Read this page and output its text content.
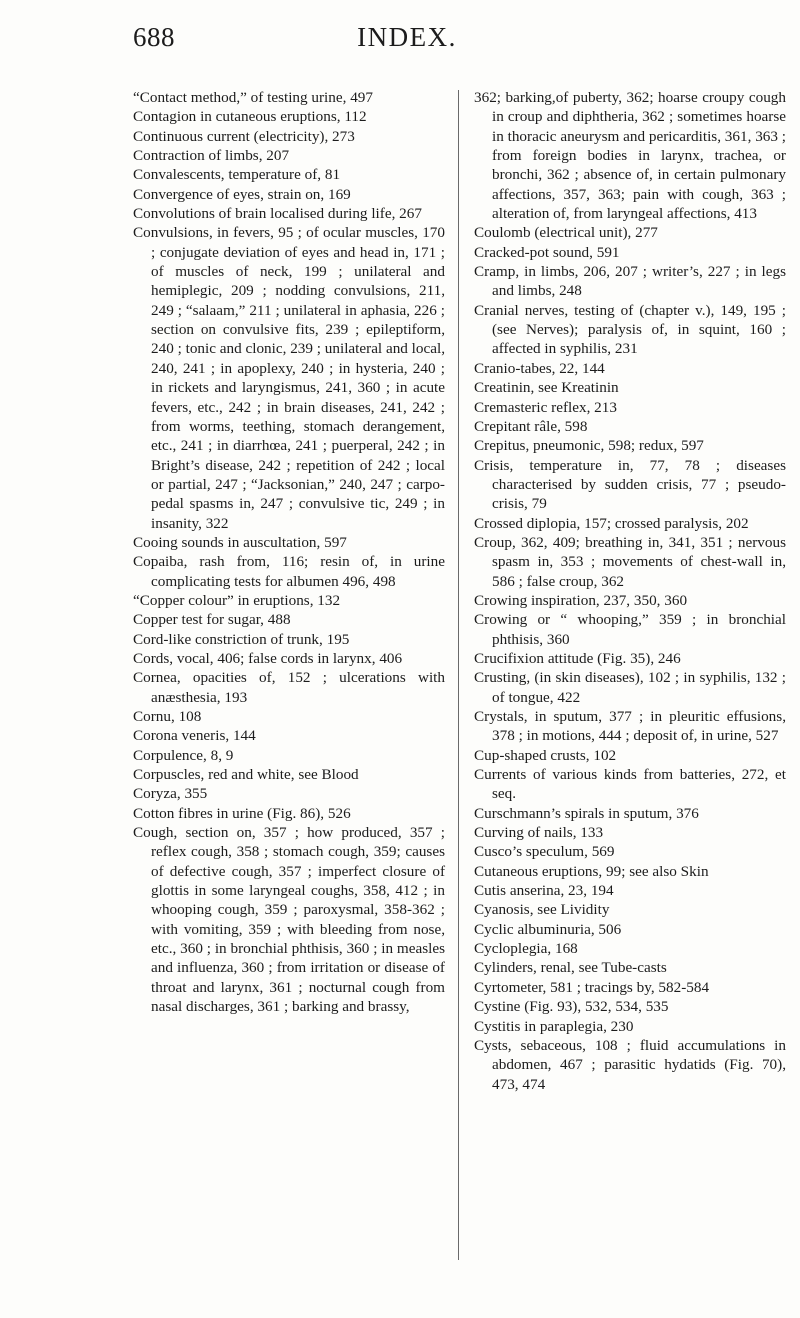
688	INDEX.

“Contact method,” of testing urine, 497

Contagion in cutaneous eruptions, 112

Continuous current (electricity), 273

Contraction of limbs, 207

Convalescents, temperature of, 81

Convergence of eyes, strain on, 169

Convolutions of brain localised during life, 267

Convulsions, in fevers, 95 ; of ocular muscles, 170 ; conjugate deviation of eyes and head in, 171 ; of muscles of neck, 199 ; unilateral and hemiplegic, 209 ; nodding convulsions, 211, 249 ; “salaam,” 211 ; unilateral in aphasia, 226 ; section on convulsive fits, 239 ; epileptiform, 240 ; tonic and clonic, 239 ; unilateral and local, 240, 241 ; in apoplexy, 240 ; in hysteria, 240 ; in rickets and laryngismus, 241, 360 ; in acute fevers, etc., 242 ; in brain diseases, 241, 242 ; from worms, teething, stomach derangement, etc., 241 ; in diarrhœa, 241 ; puerperal, 242 ; in Bright’s disease, 242 ; repetition of 242 ; local or partial, 247 ; “Jacksonian,” 240, 247 ; carpo-pedal spasms in, 247 ; convulsive tic, 249 ; in insanity, 322

Cooing sounds in auscultation, 597

Copaiba, rash from, 116; resin of, in urine complicating tests for albumen 496, 498

“Copper colour” in eruptions, 132

Copper test for sugar, 488

Cord-like constriction of trunk, 195

Cords, vocal, 406; false cords in larynx, 406

Cornea, opacities of, 152 ; ulcerations with anæsthesia, 193

Cornu, 108

Corona veneris, 144

Corpulence, 8, 9

Corpuscles, red and white, see Blood

Coryza, 355

Cotton fibres in urine (Fig. 86), 526

Cough, section on, 357 ; how produced, 357 ; reflex cough, 358 ; stomach cough, 359; causes of defective cough, 357 ; imperfect closure of glottis in some laryngeal coughs, 358, 412 ; in whooping cough, 359 ; paroxysmal, 358-362 ; with vomiting, 359 ; with bleeding from nose, etc., 360 ; in bronchial phthisis, 360 ; in measles and influenza, 360 ; from irritation or disease of throat and larynx, 361 ; nocturnal cough from nasal discharges, 361 ; barking and brassy,

362; barking,of puberty, 362; hoarse croupy cough in croup and diphtheria, 362 ; sometimes hoarse in thoracic aneurysm and pericarditis, 361, 363 ; from foreign bodies in larynx, trachea, or bronchi, 362 ; absence of, in certain pulmonary affections, 357, 363; pain with cough, 363 ; alteration of, from laryngeal affections, 413

Coulomb (electrical unit), 277

Cracked-pot sound, 591

Cramp, in limbs, 206, 207 ; writer’s, 227 ; in legs and limbs, 248

Cranial nerves, testing of (chapter v.), 149, 195 ; (see Nerves); paralysis of, in squint, 160 ; affected in syphilis, 231

Cranio-tabes, 22, 144

Creatinin, see Kreatinin

Cremasteric reflex, 213

Crepitant râle, 598

Crepitus, pneumonic, 598; redux, 597

Crisis, temperature in, 77, 78 ; diseases characterised by sudden crisis, 77 ; pseudo-crisis, 79

Crossed diplopia, 157; crossed paralysis, 202

Croup, 362, 409; breathing in, 341, 351 ; nervous spasm in, 353 ; movements of chest-wall in, 586 ; false croup, 362

Crowing inspiration, 237, 350, 360

Crowing or “ whooping,” 359 ; in bronchial phthisis, 360

Crucifixion attitude (Fig. 35), 246

Crusting, (in skin diseases), 102 ; in syphilis, 132 ; of tongue, 422

Crystals, in sputum, 377 ; in pleuritic effusions, 378 ; in motions, 444 ; deposit of, in urine, 527

Cup-shaped crusts, 102

Currents of various kinds from batteries, 272, et seq.

Curschmann’s spirals in sputum, 376

Curving of nails, 133

Cusco’s speculum, 569

Cutaneous eruptions, 99; see also Skin

Cutis anserina, 23, 194

Cyanosis, see Lividity

Cyclic albuminuria, 506

Cycloplegia, 168

Cylinders, renal, see Tube-casts

Cyrtometer, 581 ; tracings by, 582-584

Cystine (Fig. 93), 532, 534, 535

Cystitis in paraplegia, 230

Cysts, sebaceous, 108 ; fluid accumulations in abdomen, 467 ; parasitic hydatids (Fig. 70), 473, 474
